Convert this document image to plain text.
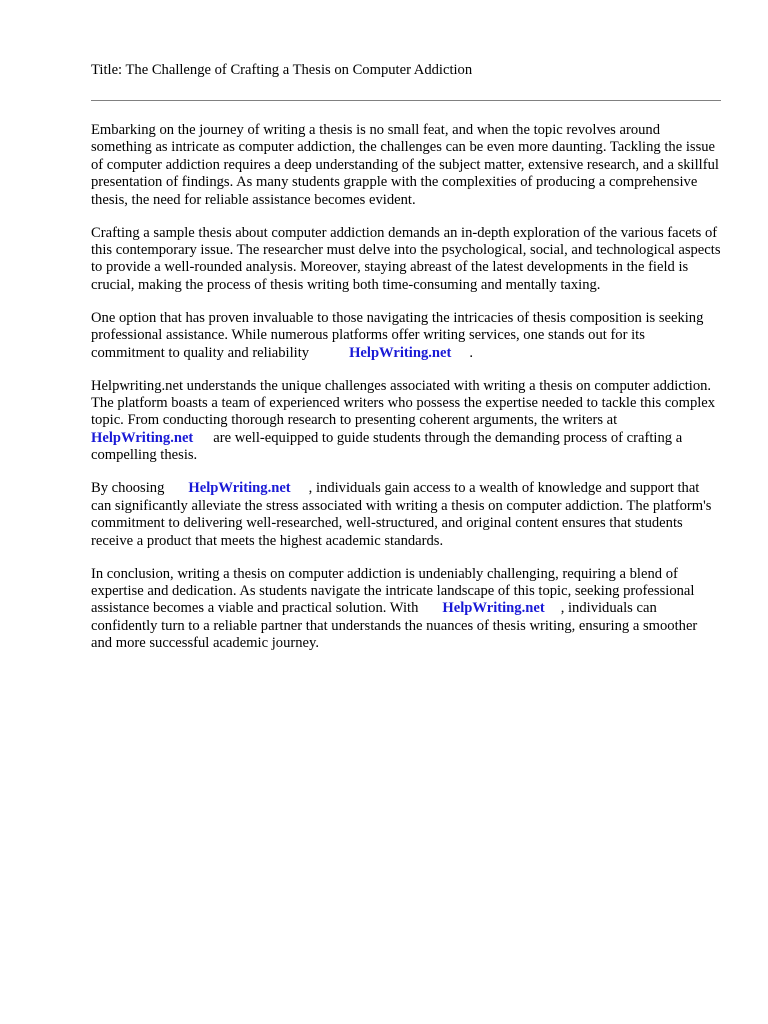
Title: The Challenge of Crafting a Thesis on Computer Addiction

Embarking on the journey of writing a thesis is no small feat, and when the topic revolves around something as intricate as computer addiction, the challenges can be even more daunting. Tackling the issue of computer addiction requires a deep understanding of the subject matter, extensive research, and a skillful presentation of findings. As many students grapple with the complexities of producing a comprehensive thesis, the need for reliable assistance becomes evident.

Crafting a sample thesis about computer addiction demands an in-depth exploration of the various facets of this contemporary issue. The researcher must delve into the psychological, social, and technological aspects to provide a well-rounded analysis. Moreover, staying abreast of the latest developments in the field is crucial, making the process of thesis writing both time-consuming and mentally taxing.

One option that has proven invaluable to those navigating the intricacies of thesis composition is seeking professional assistance. While numerous platforms offer writing services, one stands out for its commitment to quality and reliability	HelpWriting.net .

Helpwriting.net understands the unique challenges associated with writing a thesis on computer addiction. The platform boasts a team of experienced writers who possess the expertise needed to tackle this complex topic. From conducting thorough research to presenting coherent arguments, the writers atHelpWriting.net are well-equipped to guide students through the demanding process of crafting a compelling thesis.

By choosing HelpWriting.net , individuals gain access to a wealth of knowledge and support that can significantly alleviate the stress associated with writing a thesis on computer addiction. The platform's commitment to delivering well-researched, well-structured, and original content ensures that students receive a product that meets the highest academic standards.

In conclusion, writing a thesis on computer addiction is undeniably challenging, requiring a blend of expertise and dedication. As students navigate the intricate landscape of this topic, seeking professional assistance becomes a viable and practical solution. With HelpWriting.net , individuals can confidently turn to a reliable partner that understands the nuances of thesis writing, ensuring a smoother and more successful academic journey.
